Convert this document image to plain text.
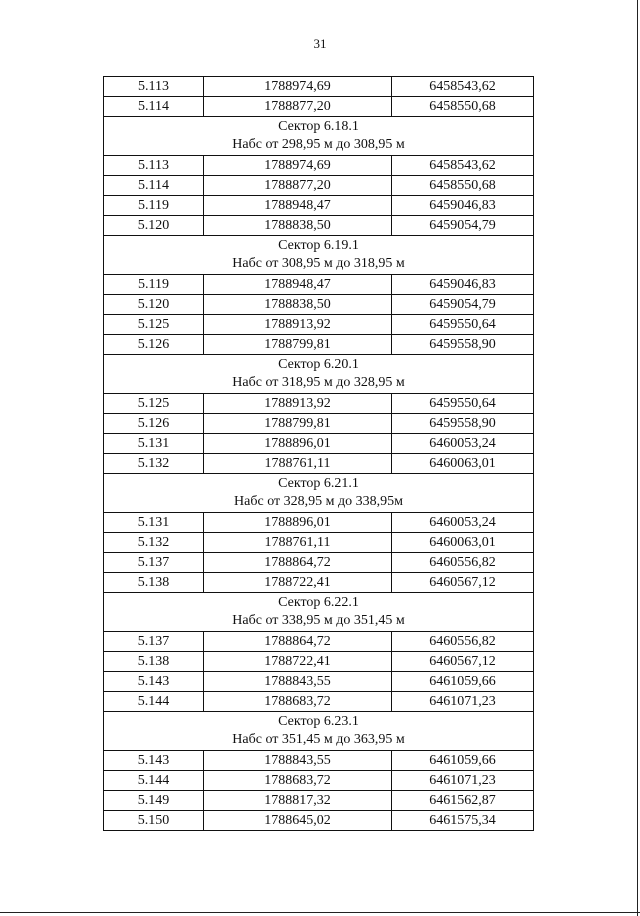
31
5.113	1788974,69	6458543,62
5.114	1788877,20	6458550,68

Сектор 6.18.1
Набс от 298,95 м до 308,95 м		

5.113	1788974,69	6458543,62
5.114	1788877,20	6458550,68
5.119	1788948,47	6459046,83
5.120	1788838,50	6459054,79

Сектор 6.19.1
Набс от 308,95 м до 318,95 м		

5.119	1788948,47	6459046,83
5.120	1788838,50	6459054,79
5.125	1788913,92	6459550,64
5.126	1788799,81	6459558,90

Сектор 6.20.1
Набс от 318,95 м до 328,95 м		

5.125	1788913,92	6459550,64
5.126	1788799,81	6459558,90
5.131	1788896,01	6460053,24
5.132	1788761,11	6460063,01

Сектор 6.21.1
Набс от 328,95 м до 338,95м		

5.131	1788896,01	6460053,24
5.132	1788761,11	6460063,01
5.137	1788864,72	6460556,82
5.138	1788722,41	6460567,12

Сектор 6.22.1
Набс от 338,95 м до 351,45 м		

5.137	1788864,72	6460556,82
5.138	1788722,41	6460567,12
5.143	1788843,55	6461059,66
5.144	1788683,72	6461071,23

Сектор 6.23.1
Набс от 351,45 м до 363,95 м		

5.143	1788843,55	6461059,66
5.144	1788683,72	6461071,23
5.149	1788817,32	6461562,87
5.150	1788645,02	6461575,34
